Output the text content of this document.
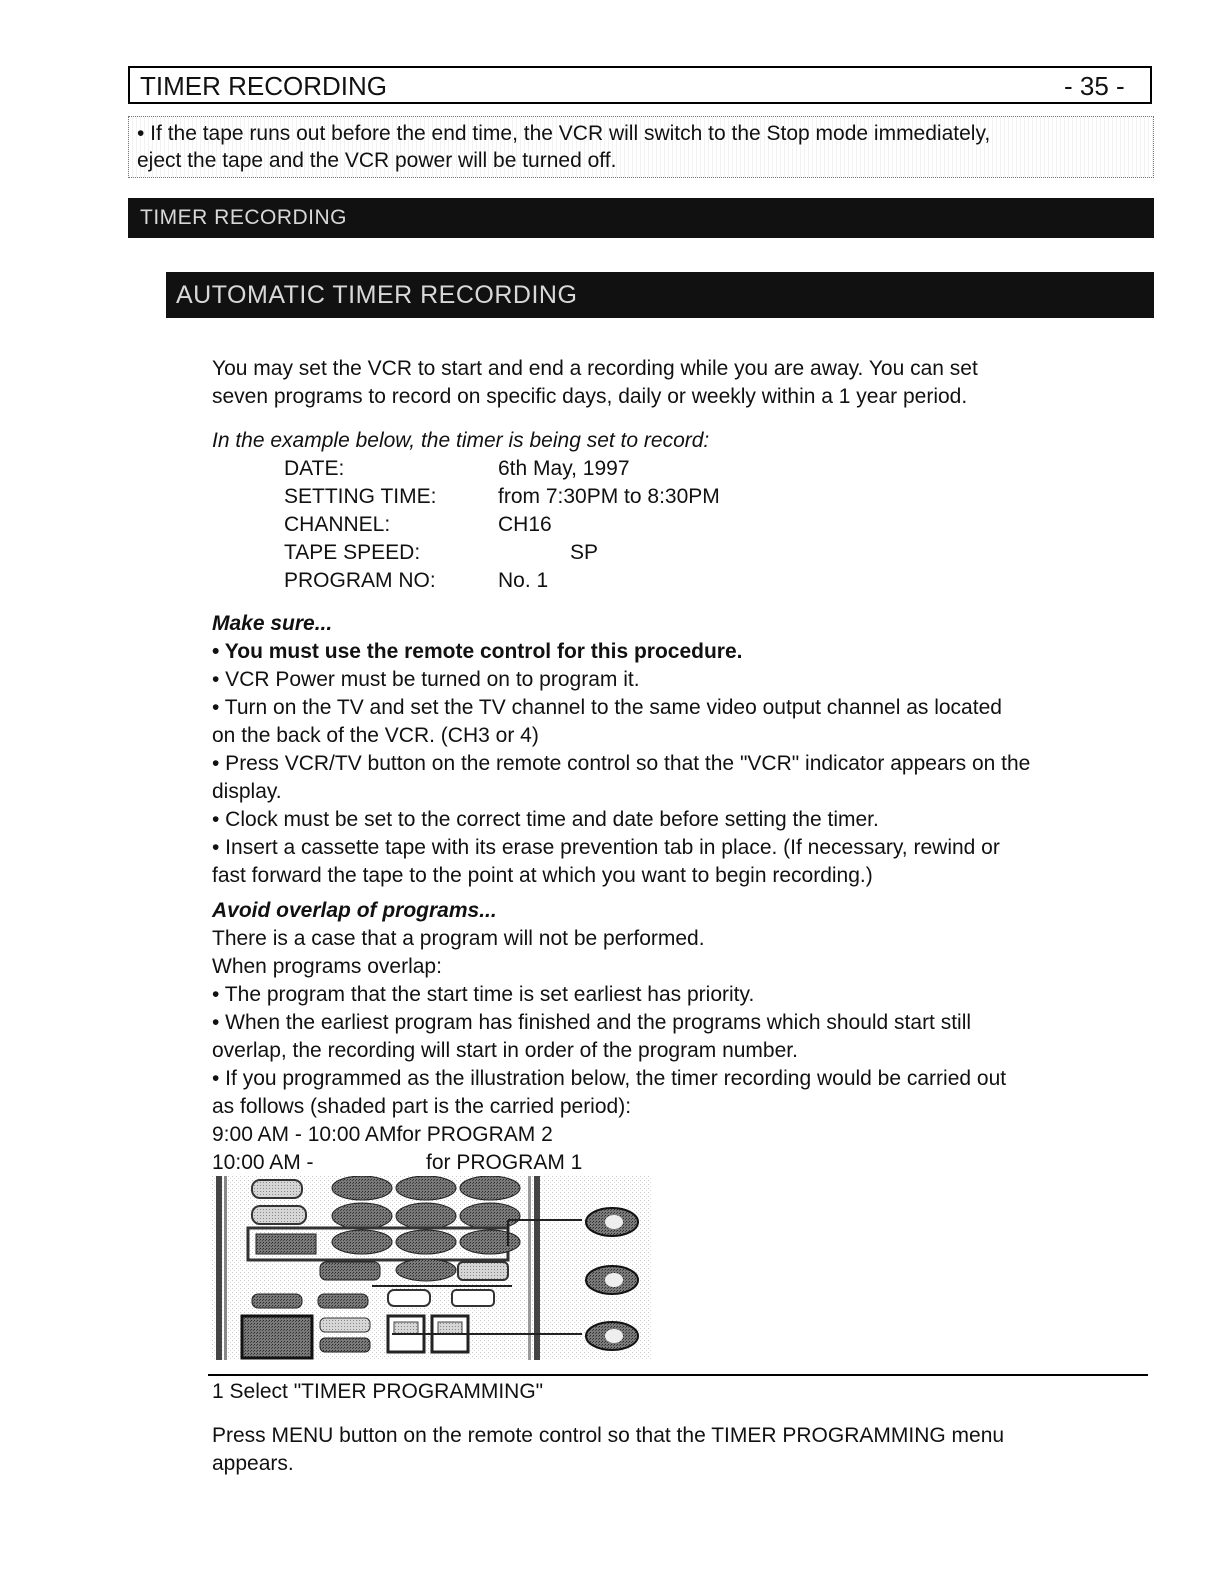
TIMER RECORDING	- 35 -
• If the tape runs out before the end time, the VCR will switch to the Stop mode immediately,
eject the tape and the VCR power will be turned off.
TIMER RECORDING
AUTOMATIC TIMER RECORDING
You may set the VCR to start and end a recording while you are away. You can set
seven programs to record on specific days, daily or weekly within a 1 year period.
In the example below, the timer is being set to record:
DATE:	6th May, 1997
SETTING TIME:	from 7:30PM to 8:30PM
CHANNEL:	CH16
TAPE SPEED:	SP
PROGRAM NO:	No. 1
Make sure...
• You must use the remote control for this procedure.
• VCR Power must be turned on to program it.
• Turn on the TV and set the TV channel to the same video output channel as located
on the back of the VCR. (CH3 or 4)
• Press VCR/TV button on the remote control so that the "VCR" indicator appears on the
display.
• Clock must be set to the correct time and date before setting the timer.
• Insert a cassette tape with its erase prevention tab in place. (If necessary, rewind or
fast forward the tape to the point at which you want to begin recording.)
Avoid overlap of programs...
There is a case that a program will not be performed.
When programs overlap:
• The program that the start time is set earliest has priority.
• When the earliest program has finished and the programs which should start still
overlap, the recording will start in order of the program number.
• If you programmed as the illustration below, the timer recording would be carried out
as follows (shaded part is the carried period):
9:00 AM - 10:00 AMfor PROGRAM 2
10:00 AM -	for PROGRAM 1
1 Select "TIMER PROGRAMMING"
Press MENU button on the remote control so that the TIMER PROGRAMMING menu
appears.
